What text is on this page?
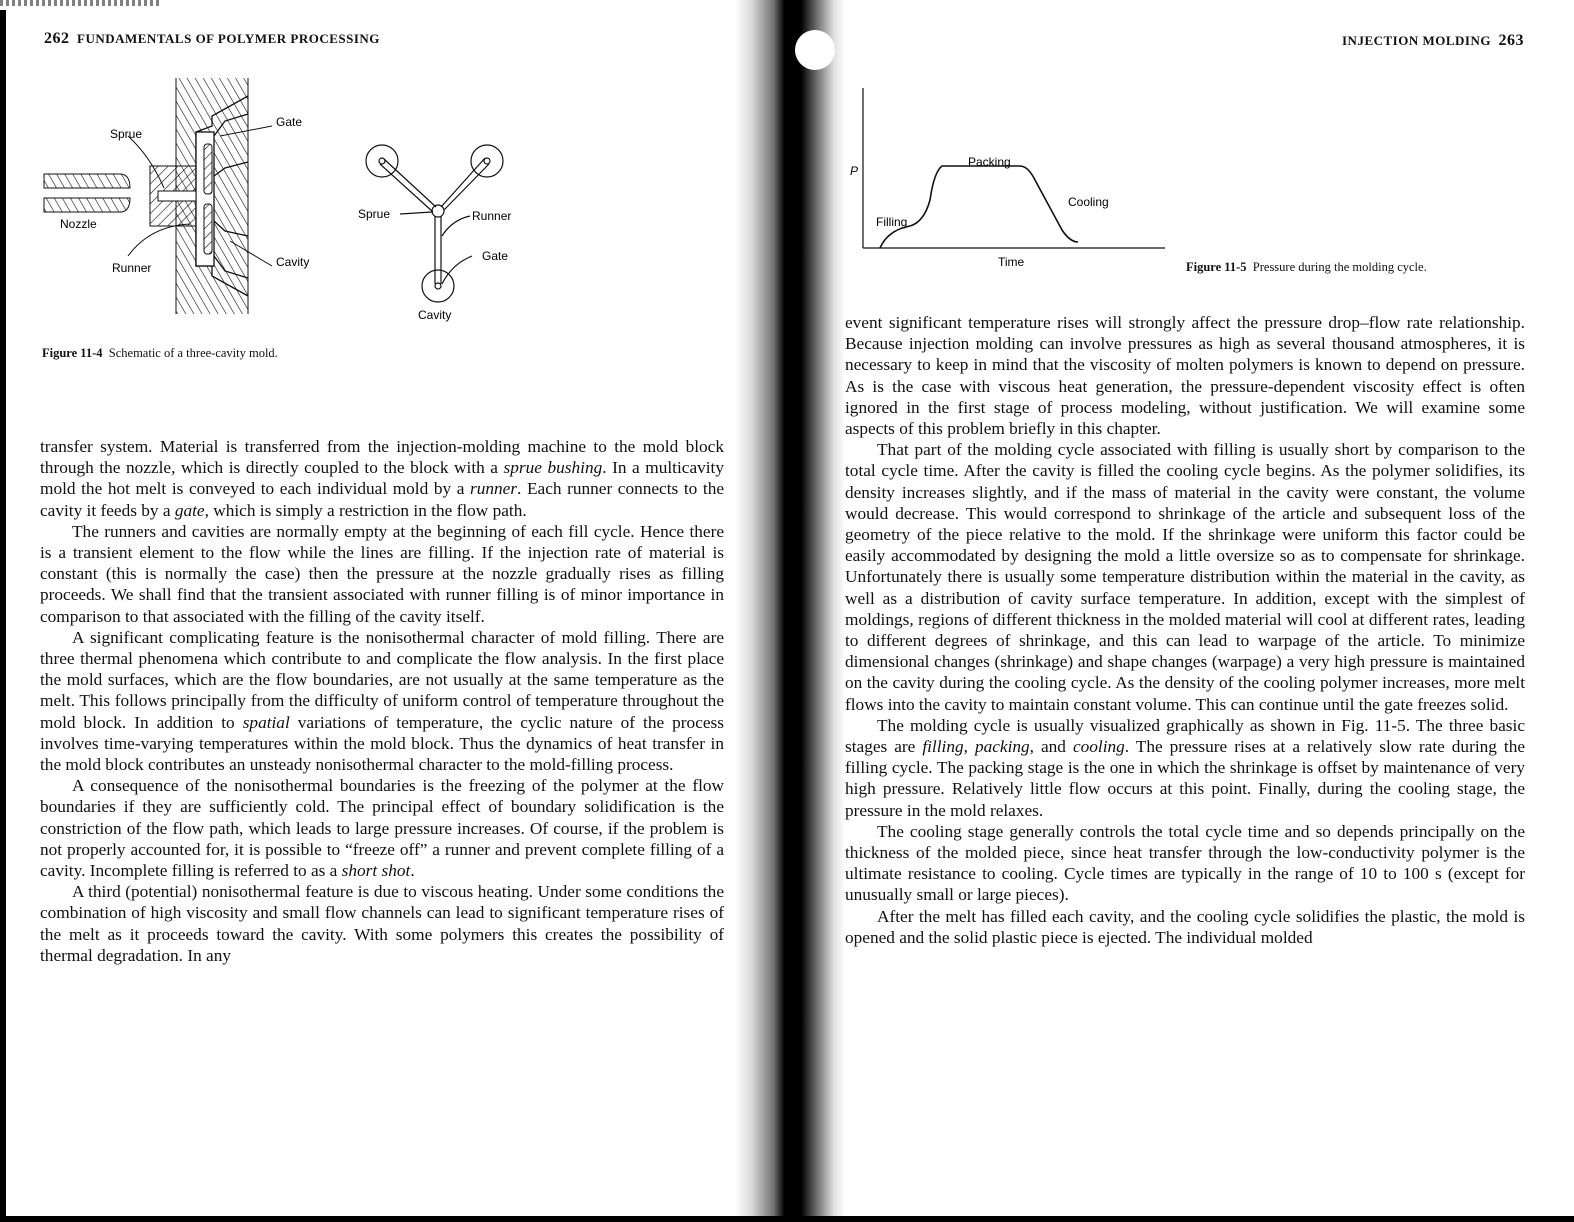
262 FUNDAMENTALS OF POLYMER PROCESSING
Sprue
Nozzle
Runner
Gate
Cavity
Sprue	Runner
Gate
Cavity
Figure 11-4 Schematic of a three-cavity mold.

transfer system. Material is transferred from the injection-molding machine to the mold block through the nozzle, which is directly coupled to the block with a sprue bushing. In a multicavity mold the hot melt is conveyed to each individual mold by a runner. Each runner connects to the cavity it feeds by a gate, which is simply a restriction in the flow path.

The runners and cavities are normally empty at the beginning of each fill cycle. Hence there is a transient element to the flow while the lines are filling. If the injection rate of material is constant (this is normally the case) then the pressure at the nozzle gradually rises as filling proceeds. We shall find that the transient associated with runner filling is of minor importance in comparison to that associated with the filling of the cavity itself.

A significant complicating feature is the nonisothermal character of mold filling. There are three thermal phenomena which contribute to and complicate the flow analysis. In the first place the mold surfaces, which are the flow boundaries, are not usually at the same temperature as the melt. This follows principally from the difficulty of uniform control of temperature throughout the mold block. In addition to spatial variations of temperature, the cyclic nature of the process involves time-varying temperatures within the mold block. Thus the dynamics of heat transfer in the mold block contributes an unsteady nonisothermal character to the mold-filling process.

A consequence of the nonisothermal boundaries is the freezing of the polymer at the flow boundaries if they are sufficiently cold. The principal effect of boundary solidification is the constriction of the flow path, which leads to large pressure increases. Of course, if the problem is not properly accounted for, it is possible to “freeze off” a runner and prevent complete filling of a cavity. Incomplete filling is referred to as a short shot.

A third (potential) nonisothermal feature is due to viscous heating. Under some conditions the combination of high viscosity and small flow channels can lead to significant temperature rises of the melt as it proceeds toward the cavity. With some polymers this creates the possibility of thermal degradation. In any

INJECTION MOLDING 263
P
Time
Filling
Packing
Cooling
Figure 11-5 Pressure during the molding cycle.

event significant temperature rises will strongly affect the pressure drop–flow rate relationship. Because injection molding can involve pressures as high as several thousand atmospheres, it is necessary to keep in mind that the viscosity of molten polymers is known to depend on pressure. As is the case with viscous heat generation, the pressure-dependent viscosity effect is often ignored in the first stage of process modeling, without justification. We will examine some aspects of this problem briefly in this chapter.

That part of the molding cycle associated with filling is usually short by comparison to the total cycle time. After the cavity is filled the cooling cycle begins. As the polymer solidifies, its density increases slightly, and if the mass of material in the cavity were constant, the volume would decrease. This would correspond to shrinkage of the article and subsequent loss of the geometry of the piece relative to the mold. If the shrinkage were uniform this factor could be easily accommodated by designing the mold a little oversize so as to compensate for shrinkage. Unfortunately there is usually some temperature distribution within the material in the cavity, as well as a distribution of cavity surface temperature. In addition, except with the simplest of moldings, regions of different thickness in the molded material will cool at different rates, leading to different degrees of shrinkage, and this can lead to warpage of the article. To minimize dimensional changes (shrinkage) and shape changes (warpage) a very high pressure is maintained on the cavity during the cooling cycle. As the density of the cooling polymer increases, more melt flows into the cavity to maintain constant volume. This can continue until the gate freezes solid.

The molding cycle is usually visualized graphically as shown in Fig. 11-5. The three basic stages are filling, packing, and cooling. The pressure rises at a relatively slow rate during the filling cycle. The packing stage is the one in which the shrinkage is offset by maintenance of very high pressure. Relatively little flow occurs at this point. Finally, during the cooling stage, the pressure in the mold relaxes.

The cooling stage generally controls the total cycle time and so depends principally on the thickness of the molded piece, since heat transfer through the low-conductivity polymer is the ultimate resistance to cooling. Cycle times are typically in the range of 10 to 100 s (except for unusually small or large pieces).

After the melt has filled each cavity, and the cooling cycle solidifies the plastic, the mold is opened and the solid plastic piece is ejected. The individual molded
